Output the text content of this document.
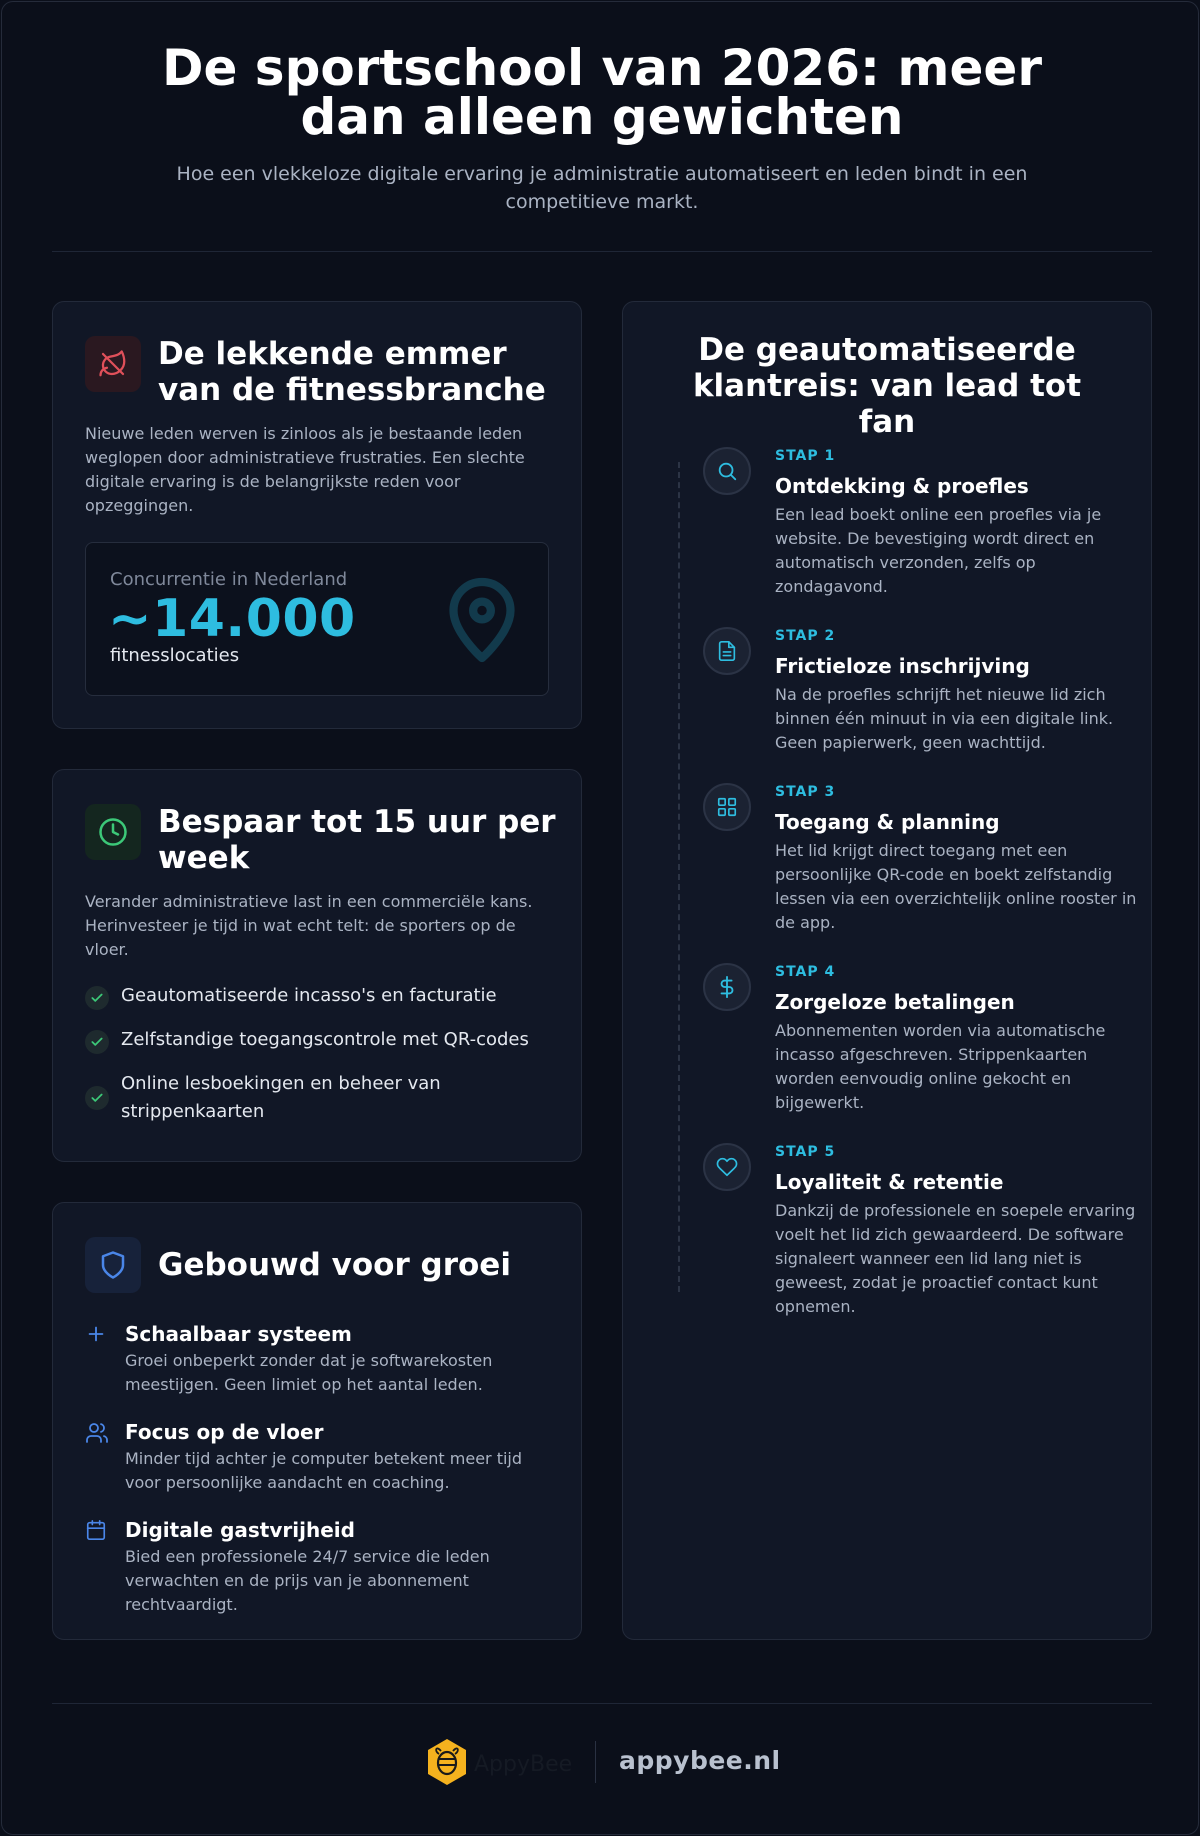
De sportschool van 2026: meer dan alleen gewichten

Hoe een vlekkeloze digitale ervaring je administratie automatiseert en leden bindt in een competitieve markt.

De lekkende emmer van de fitnessbranche

Nieuwe leden werven is zinloos als je bestaande leden weglopen door administratieve frustraties. Een slechte digitale ervaring is de belangrijkste reden voor opzeggingen.

Concurrentie in Nederland
~14.000
fitnesslocaties
Bespaar tot 15 uur per week

Verander administratieve last in een commerciële kans. Herinvesteer je tijd in wat echt telt: de sporters op de vloer.

Geautomatiseerde incasso's en facturatie
Zelfstandige toegangscontrole met QR-codes
Online lesboekingen en beheer van strippenkaarten
Gebouwd voor groei
Schaalbaar systeem

Groei onbeperkt zonder dat je softwarekosten meestijgen. Geen limiet op het aantal leden.

Focus op de vloer

Minder tijd achter je computer betekent meer tijd voor persoonlijke aandacht en coaching.

Digitale gastvrijheid

Bied een professionele 24/7 service die leden verwachten en de prijs van je abonnement rechtvaardigt.

De geautomatiseerde klantreis: van lead tot fan
STAP 1
Ontdekking & proefles

Een lead boekt online een proefles via je website. De bevestiging wordt direct en automatisch verzonden, zelfs op zondagavond.

STAP 2
Frictieloze inschrijving

Na de proefles schrijft het nieuwe lid zich binnen één minuut in via een digitale link. Geen papierwerk, geen wachttijd.

STAP 3
Toegang & planning

Het lid krijgt direct toegang met een persoonlijke QR-code en boekt zelfstandig lessen via een overzichtelijk online rooster in de app.

STAP 4
Zorgeloze betalingen

Abonnementen worden via automatische incasso afgeschreven. Strippenkaarten worden eenvoudig online gekocht en bijgewerkt.

STAP 5
Loyaliteit & retentie

Dankzij de professionele en soepele ervaring voelt het lid zich gewaardeerd. De software signaleert wanneer een lid lang niet is geweest, zodat je proactief contact kunt opnemen.

AppyBee appybee.nl
